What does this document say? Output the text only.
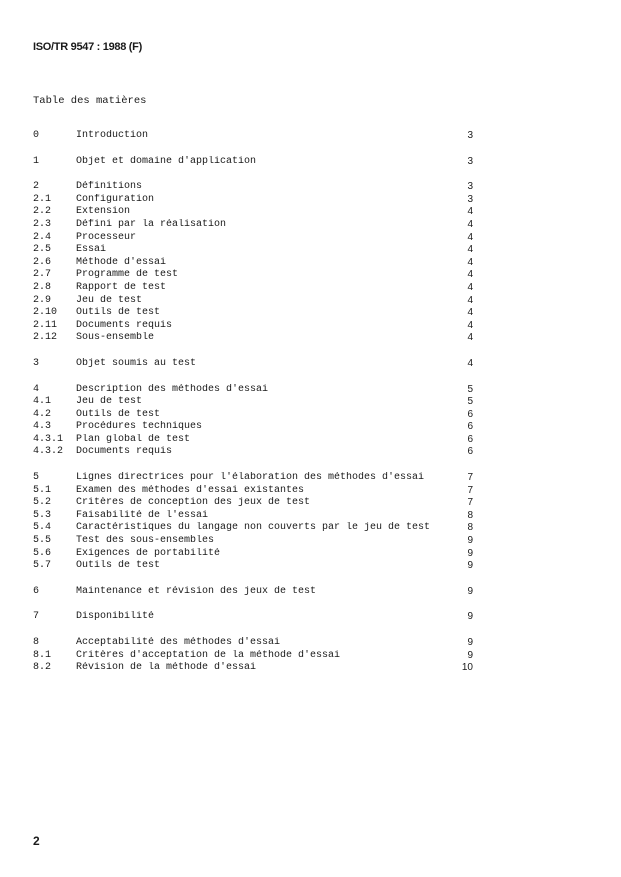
ISO/TR 9547 : 1988 (F)
Table des matières
0	Introduction	3
1	Objet et domaine d'application	3
2	Définitions	3
2.1	Configuration	3
2.2	Extension	4
2.3	Défini par la réalisation	4
2.4	Processeur	4
2.5	Essai	4
2.6	Méthode d'essai	4
2.7	Programme de test	4
2.8	Rapport de test	4
2.9	Jeu de test	4
2.10	Outils de test	4
2.11	Documents requis	4
2.12	Sous-ensemble	4
3	Objet soumis au test	4
4	Description des méthodes d'essai	5
4.1	Jeu de test	5
4.2	Outils de test	6
4.3	Procédures techniques	6
4.3.1	Plan global de test	6
4.3.2	Documents requis	6
5	Lignes directrices pour l'élaboration des méthodes d'essai	7
5.1	Examen des méthodes d'essai existantes	7
5.2	Critères de conception des jeux de test	7
5.3	Faisabilité de l'essai	8
5.4	Caractéristiques du langage non couverts par le jeu de test	8
5.5	Test des sous-ensembles	9
5.6	Exigences de portabilité	9
5.7	Outils de test	9
6	Maintenance et révision des jeux de test	9
7	Disponibilité	9
8	Acceptabilité des méthodes d'essai	9
8.1	Critères d'acceptation de la méthode d'essai	9
8.2	Révision de la méthode d'essai	10
2
